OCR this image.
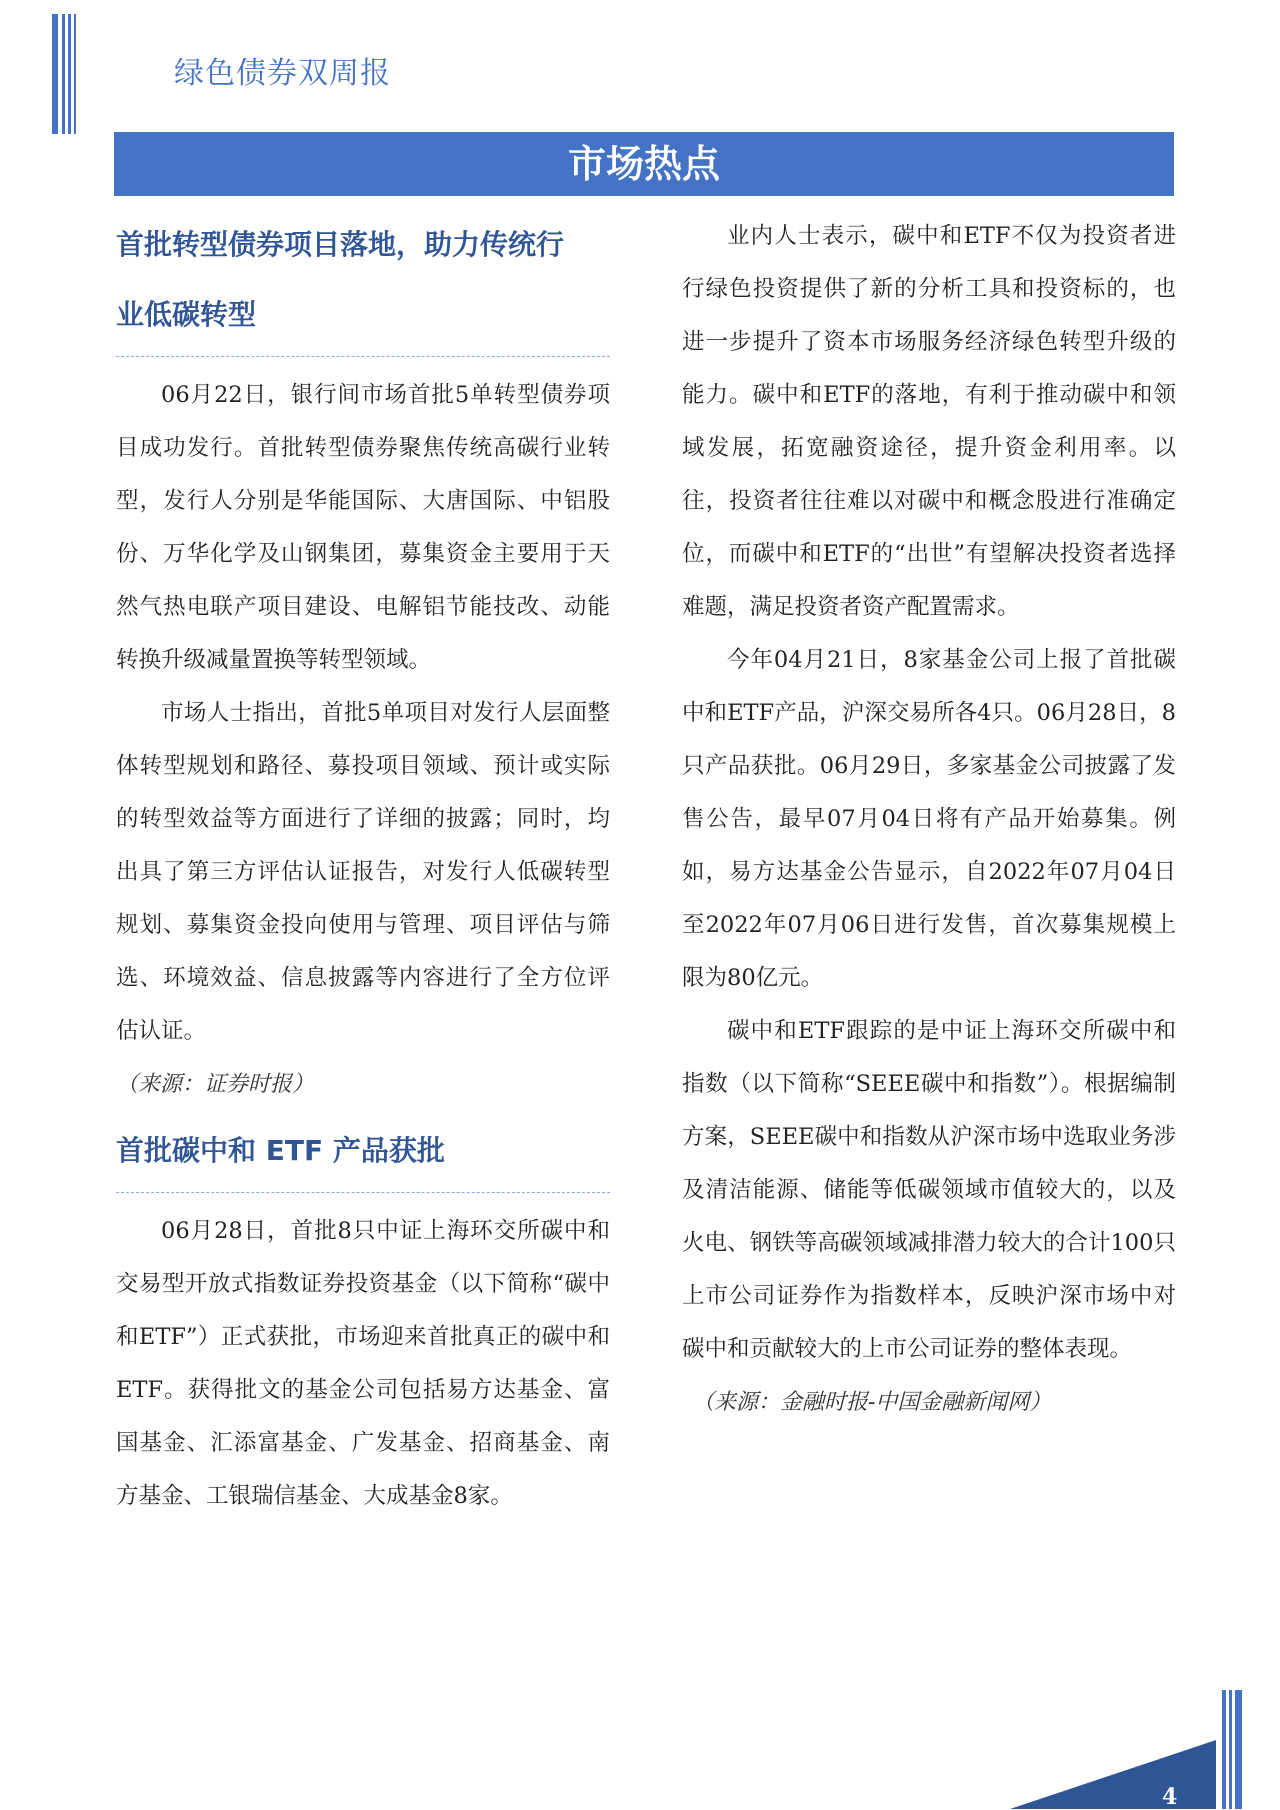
绿色债券双周报
市场热点
首批转型债券项目落地，助力传统行
业低碳转型

06月22日，银行间市场首批5单转型债券项目成功发行。首批转型债券聚焦传统高碳行业转型，发行人分别是华能国际、大唐国际、中铝股份、万华化学及山钢集团，募集资金主要用于天然气热电联产项目建设、电解铝节能技改、动能转换升级减量置换等转型领域。

市场人士指出，首批5单项目对发行人层面整体转型规划和路径、募投项目领域、预计或实际的转型效益等方面进行了详细的披露；同时，均出具了第三方评估认证报告，对发行人低碳转型规划、募集资金投向使用与管理、项目评估与筛选、环境效益、信息披露等内容进行了全方位评估认证。

（来源：证券时报）

首批碳中和 ETF 产品获批

06月28日，首批8只中证上海环交所碳中和交易型开放式指数证券投资基金（以下简称“碳中和ETF”）正式获批，市场迎来首批真正的碳中和ETF。获得批文的基金公司包括易方达基金、富国基金、汇添富基金、广发基金、招商基金、南方基金、工银瑞信基金、大成基金8家。

业内人士表示，碳中和ETF不仅为投资者进行绿色投资提供了新的分析工具和投资标的，也进一步提升了资本市场服务经济绿色转型升级的能力。碳中和ETF的落地，有利于推动碳中和领域发展，拓宽融资途径，提升资金利用率。以往，投资者往往难以对碳中和概念股进行准确定位，而碳中和ETF的“出世”有望解决投资者选择难题，满足投资者资产配置需求。

今年04月21日，8家基金公司上报了首批碳中和ETF产品，沪深交易所各4只。06月28日，8只产品获批。06月29日，多家基金公司披露了发售公告，最早07月04日将有产品开始募集。例如，易方达基金公告显示，自2022年07月04日至2022年07月06日进行发售，首次募集规模上限为80亿元。

碳中和ETF跟踪的是中证上海环交所碳中和指数（以下简称“SEEE碳中和指数”）。根据编制方案，SEEE碳中和指数从沪深市场中选取业务涉及清洁能源、储能等低碳领域市值较大的，以及火电、钢铁等高碳领域减排潜力较大的合计100只上市公司证券作为指数样本，反映沪深市场中对碳中和贡献较大的上市公司证券的整体表现。

（来源：金融时报-中国金融新闻网）

4
